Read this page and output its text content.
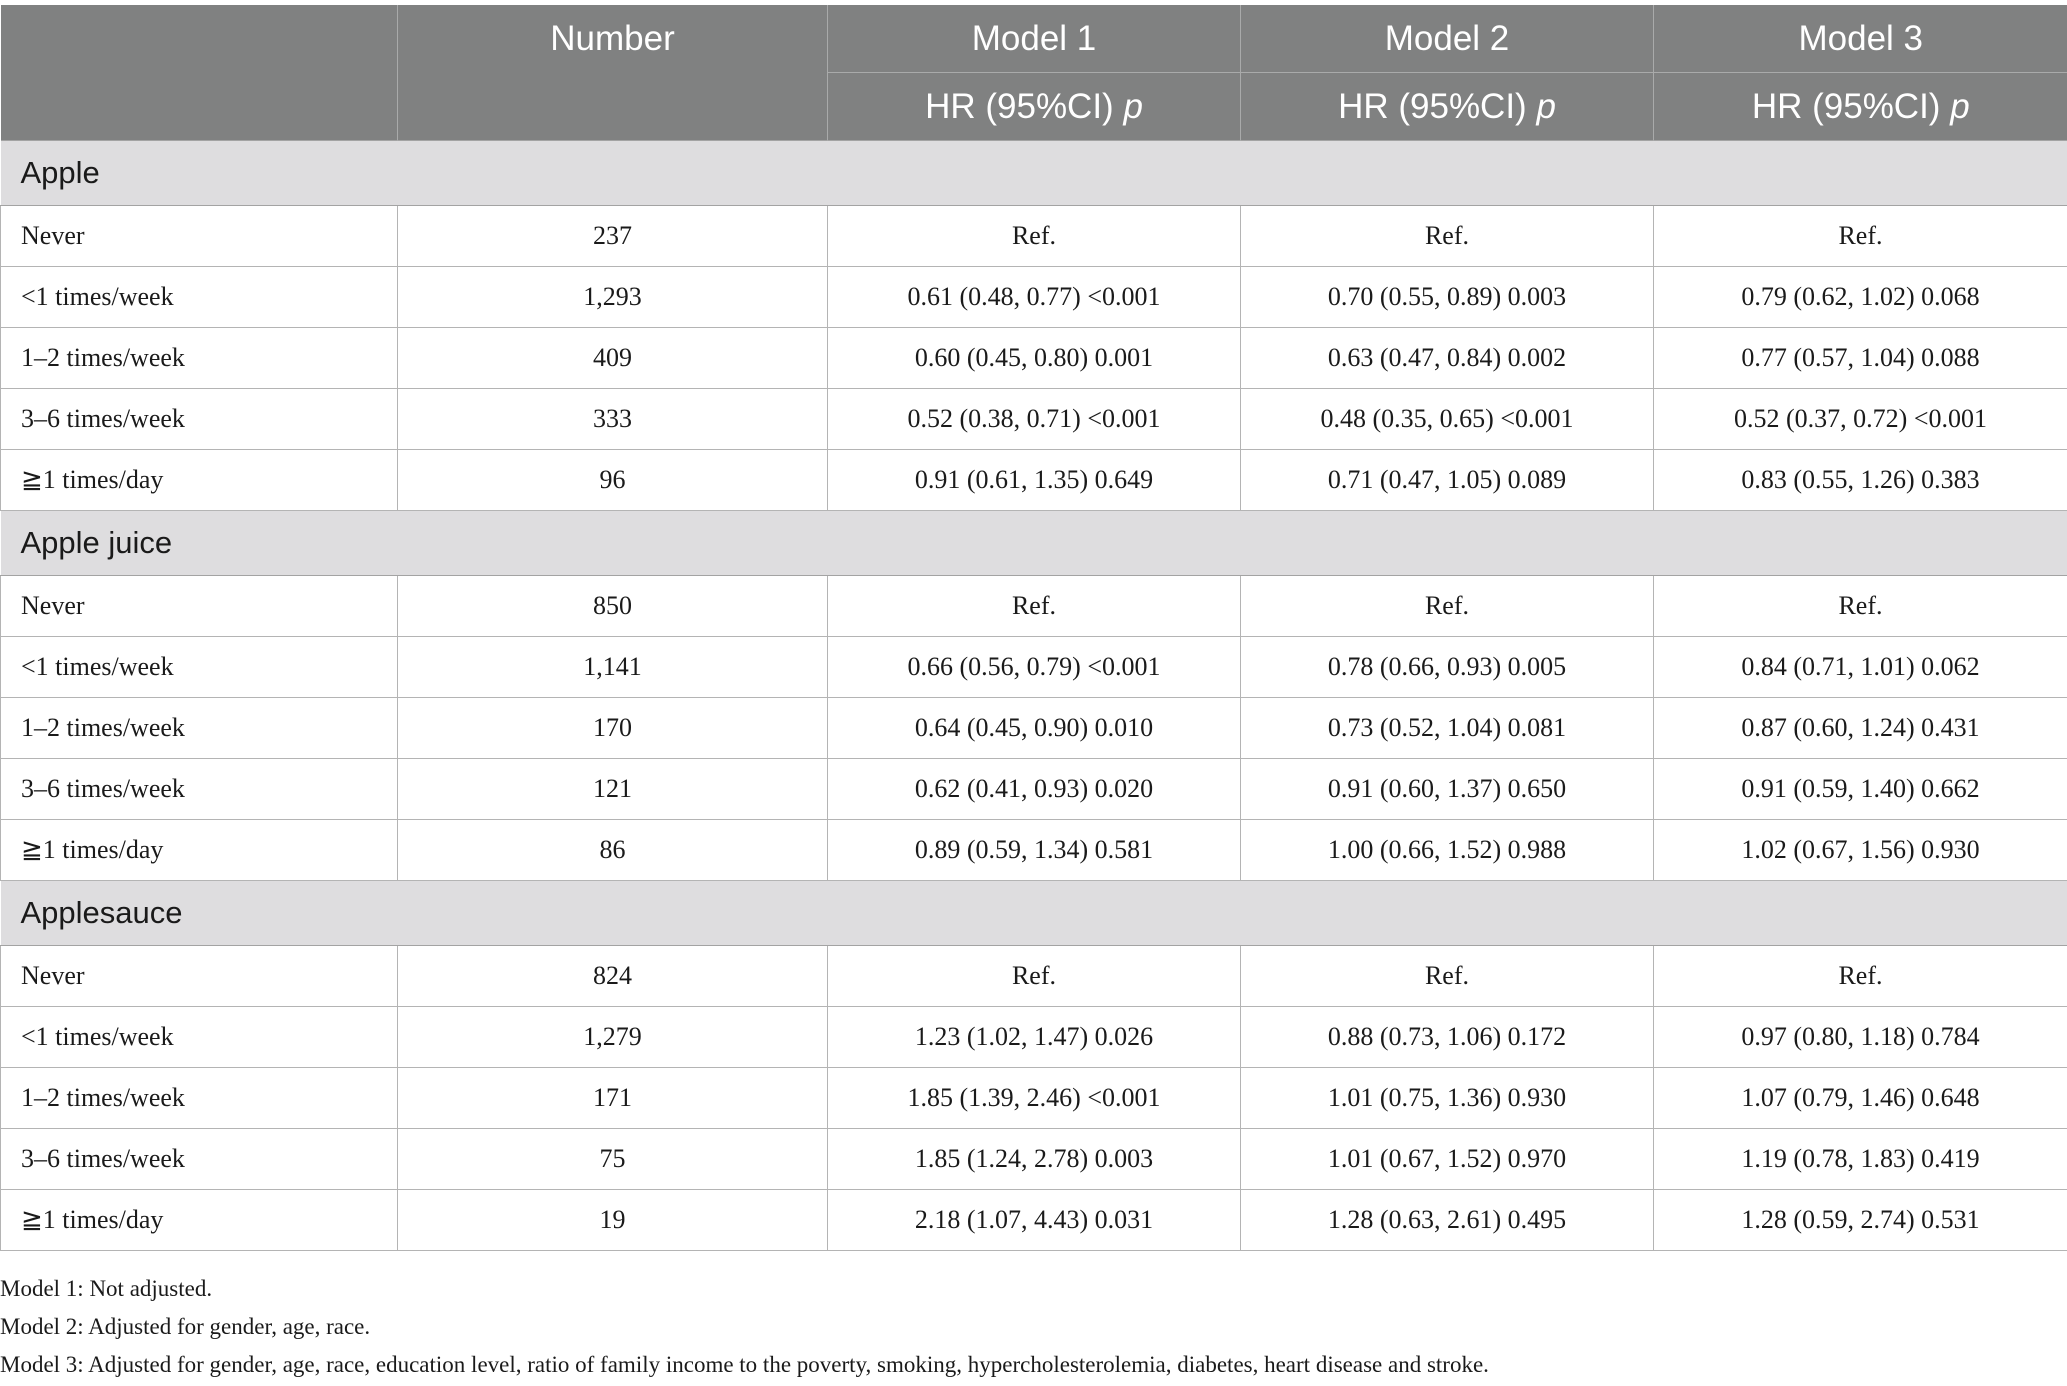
	Number	Model 1	Model 2	Model 3
		HR (95%CI) p	HR (95%CI) p	HR (95%CI) p
Apple				
Never	237	Ref.	Ref.	Ref.
<1 times/week	1,293	0.61 (0.48, 0.77) <0.001	0.70 (0.55, 0.89) 0.003	0.79 (0.62, 1.02) 0.068
1–2 times/week	409	0.60 (0.45, 0.80) 0.001	0.63 (0.47, 0.84) 0.002	0.77 (0.57, 1.04) 0.088
3–6 times/week	333	0.52 (0.38, 0.71) <0.001	0.48 (0.35, 0.65) <0.001	0.52 (0.37, 0.72) <0.001
≧1 times/day	96	0.91 (0.61, 1.35) 0.649	0.71 (0.47, 1.05) 0.089	0.83 (0.55, 1.26) 0.383
Apple juice				
Never	850	Ref.	Ref.	Ref.
<1 times/week	1,141	0.66 (0.56, 0.79) <0.001	0.78 (0.66, 0.93) 0.005	0.84 (0.71, 1.01) 0.062
1–2 times/week	170	0.64 (0.45, 0.90) 0.010	0.73 (0.52, 1.04) 0.081	0.87 (0.60, 1.24) 0.431
3–6 times/week	121	0.62 (0.41, 0.93) 0.020	0.91 (0.60, 1.37) 0.650	0.91 (0.59, 1.40) 0.662
≧1 times/day	86	0.89 (0.59, 1.34) 0.581	1.00 (0.66, 1.52) 0.988	1.02 (0.67, 1.56) 0.930
Applesauce				
Never	824	Ref.	Ref.	Ref.
<1 times/week	1,279	1.23 (1.02, 1.47) 0.026	0.88 (0.73, 1.06) 0.172	0.97 (0.80, 1.18) 0.784
1–2 times/week	171	1.85 (1.39, 2.46) <0.001	1.01 (0.75, 1.36) 0.930	1.07 (0.79, 1.46) 0.648
3–6 times/week	75	1.85 (1.24, 2.78) 0.003	1.01 (0.67, 1.52) 0.970	1.19 (0.78, 1.83) 0.419
≧1 times/day	19	2.18 (1.07, 4.43) 0.031	1.28 (0.63, 2.61) 0.495	1.28 (0.59, 2.74) 0.531
Model 1: Not adjusted.
Model 2: Adjusted for gender, age, race.
Model 3: Adjusted for gender, age, race, education level, ratio of family income to the poverty, smoking, hypercholesterolemia, diabetes, heart disease and stroke.
